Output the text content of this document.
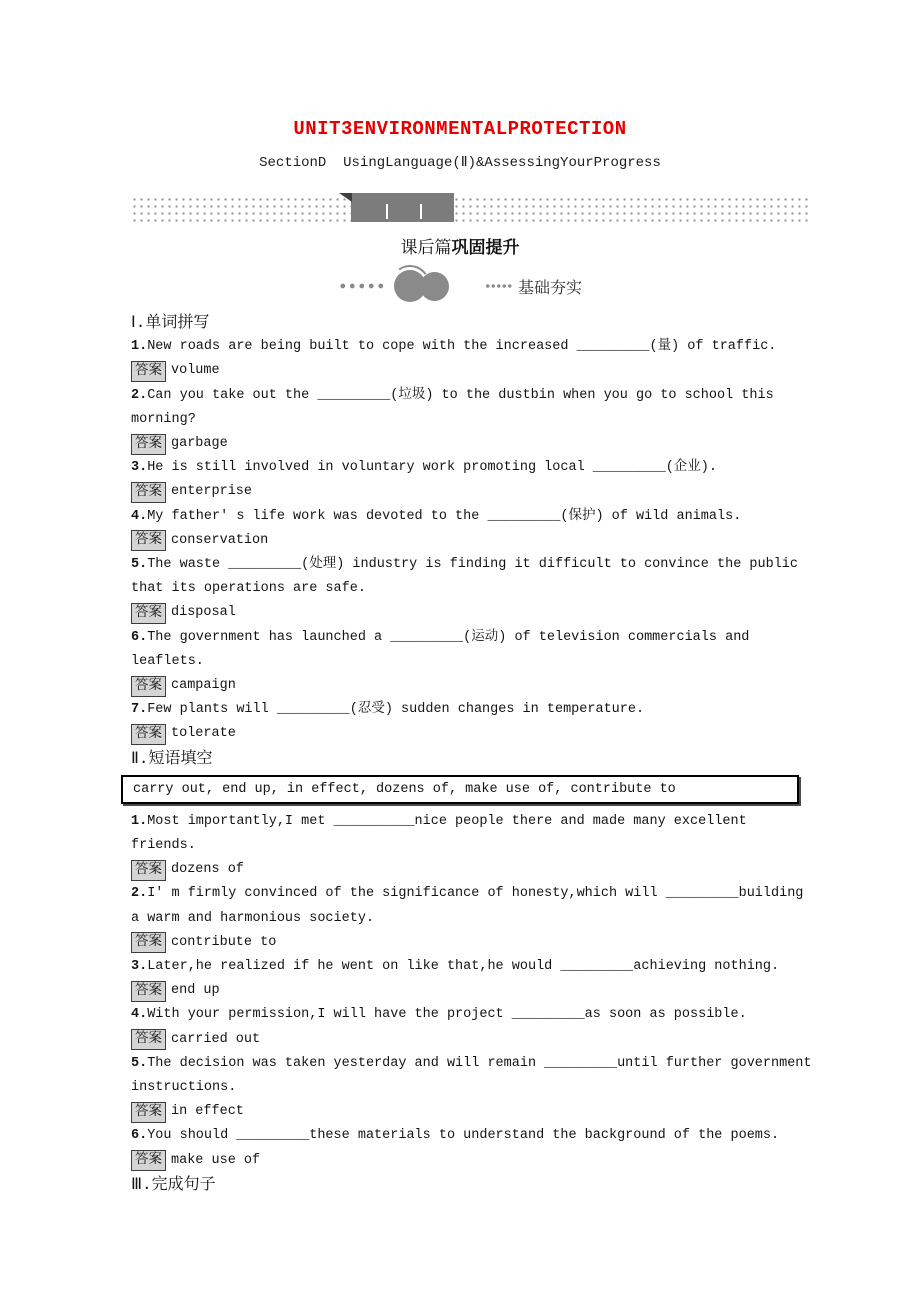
UNIT3ENVIRONMENTALPROTECTION
SectionD  UsingLanguage(Ⅱ)&AssessingYourProgress
课后篇巩固提升
基础夯实
Ⅰ.单词拼写
1.New roads are being built to cope with the increased _________(量) of traffic.
答案 volume
2.Can you take out the _________(垃圾) to the dustbin when you go to school this morning?
答案 garbage
3.He is still involved in voluntary work promoting local _________(企业).
答案 enterprise
4.My father' s life work was devoted to the _________(保护) of wild animals.
答案 conservation
5.The waste _________(处理) industry is finding it difficult to convince the public that its operations are safe.
答案 disposal
6.The government has launched a _________(运动) of television commercials and leaflets.
答案 campaign
7.Few plants will _________(忍受) sudden changes in temperature.
答案 tolerate
Ⅱ.短语填空
carry out, end up, in effect, dozens of, make use of, contribute to
1.Most importantly,I met __________nice people there and made many excellent friends.
答案 dozens of
2.I' m firmly convinced of the significance of honesty,which will _________building a warm and harmonious society.
答案 contribute to
3.Later,he realized if he went on like that,he would _________achieving nothing.
答案 end up
4.With your permission,I will have the project _________as soon as possible.
答案 carried out
5.The decision was taken yesterday and will remain _________until further government instructions.
答案 in effect
6.You should _________these materials to understand the background of the poems.
答案 make use of
Ⅲ.完成句子
